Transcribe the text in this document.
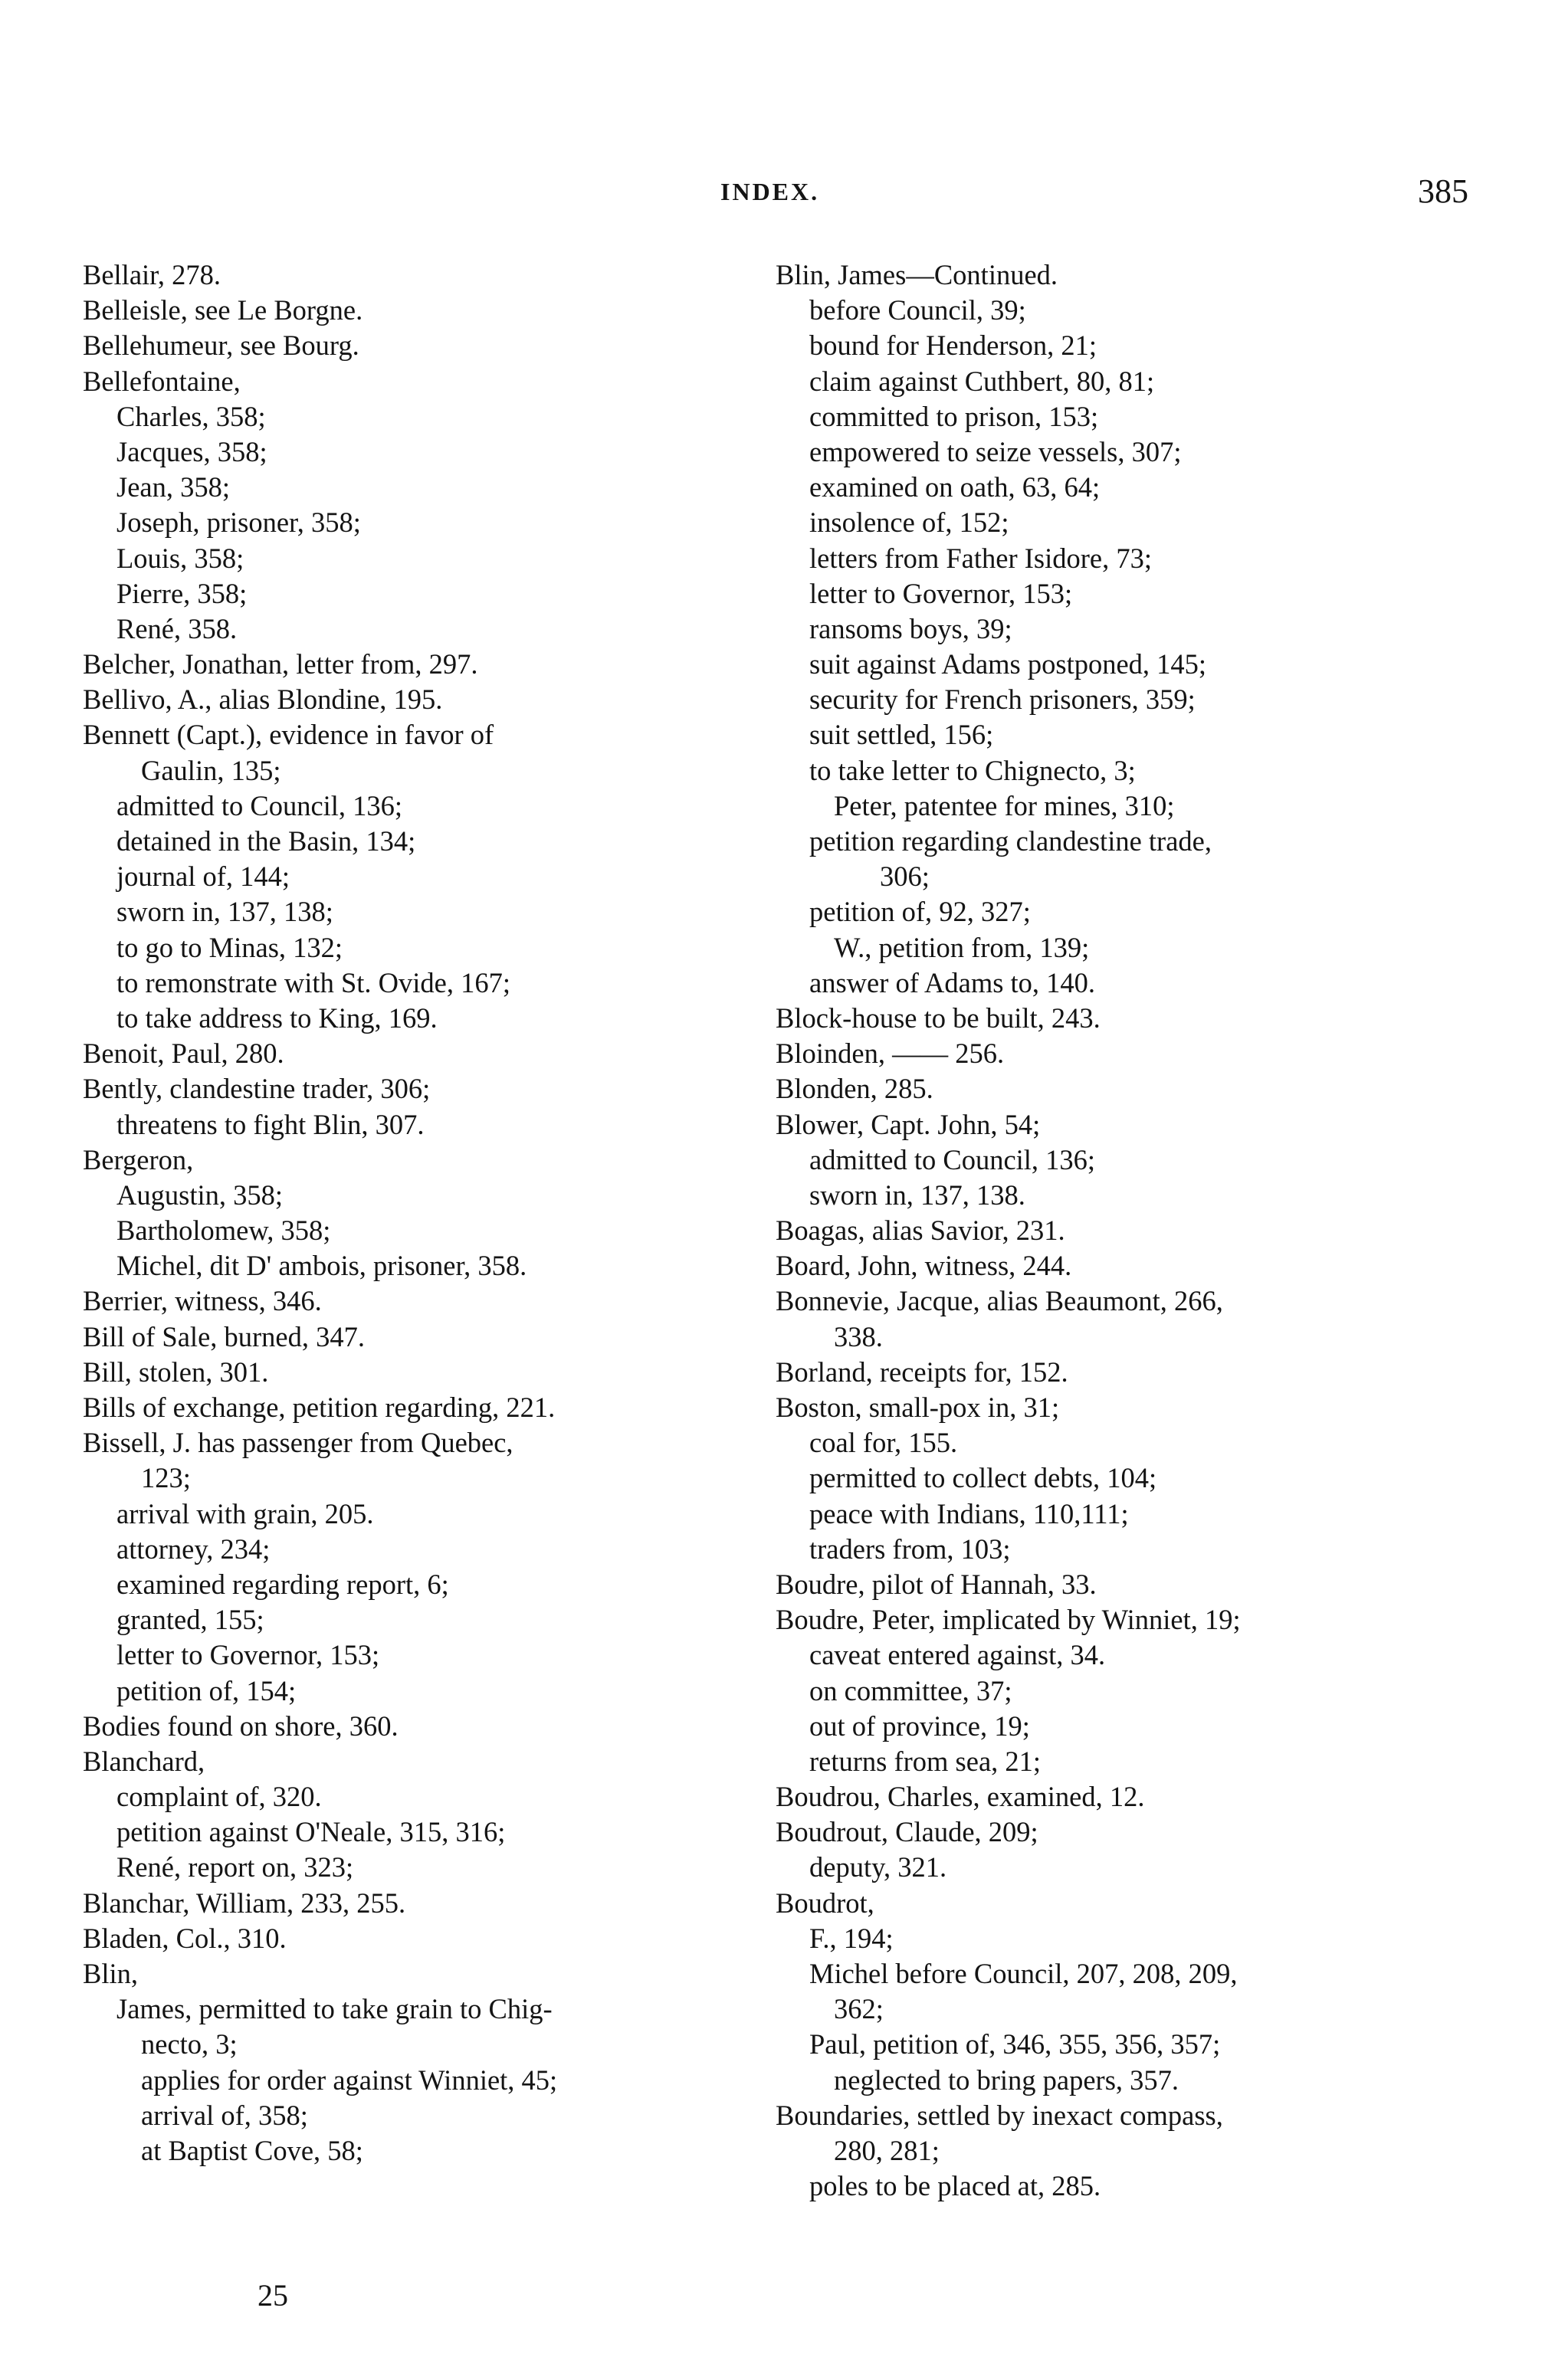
INDEX.	385
Bellair, 278.
Belleisle, see Le Borgne.
Bellehumeur, see Bourg.
Bellefontaine,
Charles, 358;
Jacques, 358;
Jean, 358;
Joseph, prisoner, 358;
Louis, 358;
Pierre, 358;
René, 358.
Belcher, Jonathan, letter from, 297.
Bellivo, A., alias Blondine, 195.
Bennett (Capt.), evidence in favor of
Gaulin, 135;
admitted to Council, 136;
detained in the Basin, 134;
journal of, 144;
sworn in, 137, 138;
to go to Minas, 132;
to remonstrate with St. Ovide, 167;
to take address to King, 169.
Benoit, Paul, 280.
Bently, clandestine trader, 306;
threatens to fight Blin, 307.
Bergeron,
Augustin, 358;
Bartholomew, 358;
Michel, dit D' ambois, prisoner, 358.
Berrier, witness, 346.
Bill of Sale, burned, 347.
Bill, stolen, 301.
Bills of exchange, petition regarding, 221.
Bissell, J. has passenger from Quebec,
123;
arrival with grain, 205.
attorney, 234;
examined regarding report, 6;
granted, 155;
letter to Governor, 153;
petition of, 154;
Bodies found on shore, 360.
Blanchard,
complaint of, 320.
petition against O'Neale, 315, 316;
René, report on, 323;
Blanchar, William, 233, 255.
Bladen, Col., 310.
Blin,
James, permitted to take grain to Chig-
necto, 3;
applies for order against Winniet, 45;
arrival of, 358;
at Baptist Cove, 58;
Blin, James—Continued.
before Council, 39;
bound for Henderson, 21;
claim against Cuthbert, 80, 81;
committed to prison, 153;
empowered to seize vessels, 307;
examined on oath, 63, 64;
insolence of, 152;
letters from Father Isidore, 73;
letter to Governor, 153;
ransoms boys, 39;
suit against Adams postponed, 145;
security for French prisoners, 359;
suit settled, 156;
to take letter to Chignecto, 3;
Peter, patentee for mines, 310;
petition regarding clandestine trade,
306;
petition of, 92, 327;
W., petition from, 139;
answer of Adams to, 140.
Block-house to be built, 243.
Bloinden, —— 256.
Blonden, 285.
Blower, Capt. John, 54;
admitted to Council, 136;
sworn in, 137, 138.
Boagas, alias Savior, 231.
Board, John, witness, 244.
Bonnevie, Jacque, alias Beaumont, 266,
338.
Borland, receipts for, 152.
Boston, small-pox in, 31;
coal for, 155.
permitted to collect debts, 104;
peace with Indians, 110,111;
traders from, 103;
Boudre, pilot of Hannah, 33.
Boudre, Peter, implicated by Winniet, 19;
caveat entered against, 34.
on committee, 37;
out of province, 19;
returns from sea, 21;
Boudrou, Charles, examined, 12.
Boudrout, Claude, 209;
deputy, 321.
Boudrot,
F., 194;
Michel before Council, 207, 208, 209,
362;
Paul, petition of, 346, 355, 356, 357;
neglected to bring papers, 357.
Boundaries, settled by inexact compass,
280, 281;
poles to be placed at, 285.
25
